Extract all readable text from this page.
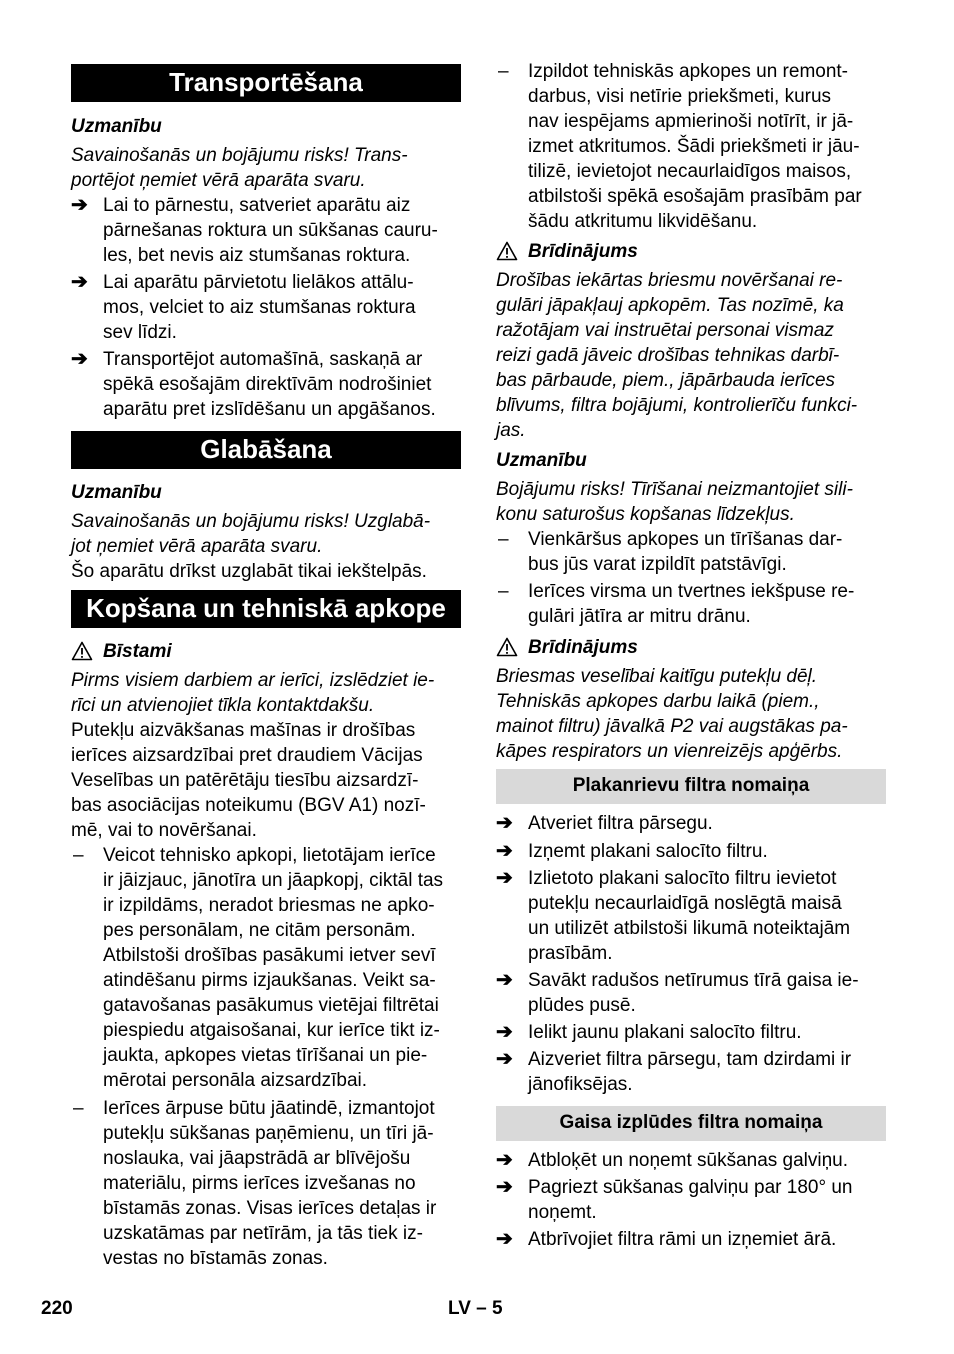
Transportēšana
Uzmanību
Savainošanās un bojājumu risks! Trans-
portējot ņemiet vērā aparāta svaru.
➔ Lai to pārnestu, satveriet aparātu aiz
pārnešanas roktura un sūkšanas cauru-
les, bet nevis aiz stumšanas roktura.
➔ Lai aparātu pārvietotu lielākos attālu-
mos, velciet to aiz stumšanas roktura
sev līdzi.
➔ Transportējot automašīnā, saskaņā ar
spēkā esošajām direktīvām nodrošiniet
aparātu pret izslīdēšanu un apgāšanos.
Glabāšana
Uzmanību
Savainošanās un bojājumu risks! Uzglabā-
jot ņemiet vērā aparāta svaru.
Šo aparātu drīkst uzglabāt tikai iekštelpās.
Kopšana un tehniskā apkope
Bīstami
Pirms visiem darbiem ar ierīci, izslēdziet ie-
rīci un atvienojiet tīkla kontaktdakšu.
Putekļu aizvākšanas mašīnas ir drošības
ierīces aizsardzībai pret draudiem Vācijas
Veselības un patērētāju tiesību aizsardzī-
bas asociācijas noteikumu (BGV A1) nozī-
mē, vai to novēršanai.
–	Veicot tehnisko apkopi, lietotājam ierīce
ir jāizjauc, jānotīra un jāapkopj, ciktāl tas
ir izpildāms, neradot briesmas ne apko-
pes personālam, ne citām personām.
Atbilstoši drošības pasākumi ietver sevī
atindēšanu pirms izjaukšanas. Veikt sa-
gatavošanas pasākumus vietējai filtrētai
piespiedu atgaisošanai, kur ierīce tikt iz-
jaukta, apkopes vietas tīrīšanai un pie-
mērotai personāla aizsardzībai.
–	Ierīces ārpuse būtu jāatindē, izmantojot
putekļu sūkšanas paņēmienu, un tīri jā-
noslauka, vai jāapstrādā ar blīvējošu
materiālu, pirms ierīces izvešanas no
bīstamās zonas. Visas ierīces detaļas ir
uzskatāmas par netīrām, ja tās tiek iz-
vestas no bīstamās zonas.
–	Izpildot tehniskās apkopes un remont-
darbus, visi netīrie priekšmeti, kurus
nav iespējams apmierinoši notīrīt, ir jā-
izmet atkritumos. Šādi priekšmeti ir jāu-
tilizē, ievietojot necaurlaidīgos maisos,
atbilstoši spēkā esošajām prasībām par
šādu atkritumu likvidēšanu.
Brīdinājums
Drošības iekārtas briesmu novēršanai re-
gulāri jāpakļauj apkopēm. Tas nozīmē, ka
ražotājam vai instruētai personai vismaz
reizi gadā jāveic drošības tehnikas darbī-
bas pārbaude, piem., jāpārbauda ierīces
blīvums, filtra bojājumi, kontrolierīču funkci-
jas.
Uzmanību
Bojājumu risks! Tīrīšanai neizmantojiet sili-
konu saturošus kopšanas līdzekļus.
–	Vienkāršus apkopes un tīrīšanas dar-
bus jūs varat izpildīt patstāvīgi.
–	Ierīces virsma un tvertnes iekšpuse re-
gulāri jātīra ar mitru drānu.
Brīdinājums
Briesmas veselībai kaitīgu putekļu dēļ.
Tehniskās apkopes darbu laikā (piem.,
mainot filtru) jāvalkā P2 vai augstākas pa-
kāpes respirators un vienreizējs apģērbs.
Plakanrievu filtra nomaiņa
➔ Atveriet filtra pārsegu.
➔ Izņemt plakani salocīto filtru.
➔ Izlietoto plakani salocīto filtru ievietot
putekļu necaurlaidīgā noslēgtā maisā
un utilizēt atbilstoši likumā noteiktajām
prasībām.
➔ Savākt radušos netīrumus tīrā gaisa ie-
plūdes pusē.
➔ Ielikt jaunu plakani salocīto filtru.
➔ Aizveriet filtra pārsegu, tam dzirdami ir
jānofiksējas.
Gaisa izplūdes filtra nomaiņa
➔ Atbloķēt un noņemt sūkšanas galviņu.
➔ Pagriezt sūkšanas galviņu par 180° un
noņemt.
➔ Atbrīvojiet filtra rāmi un izņemiet ārā.
220	LV – 5
